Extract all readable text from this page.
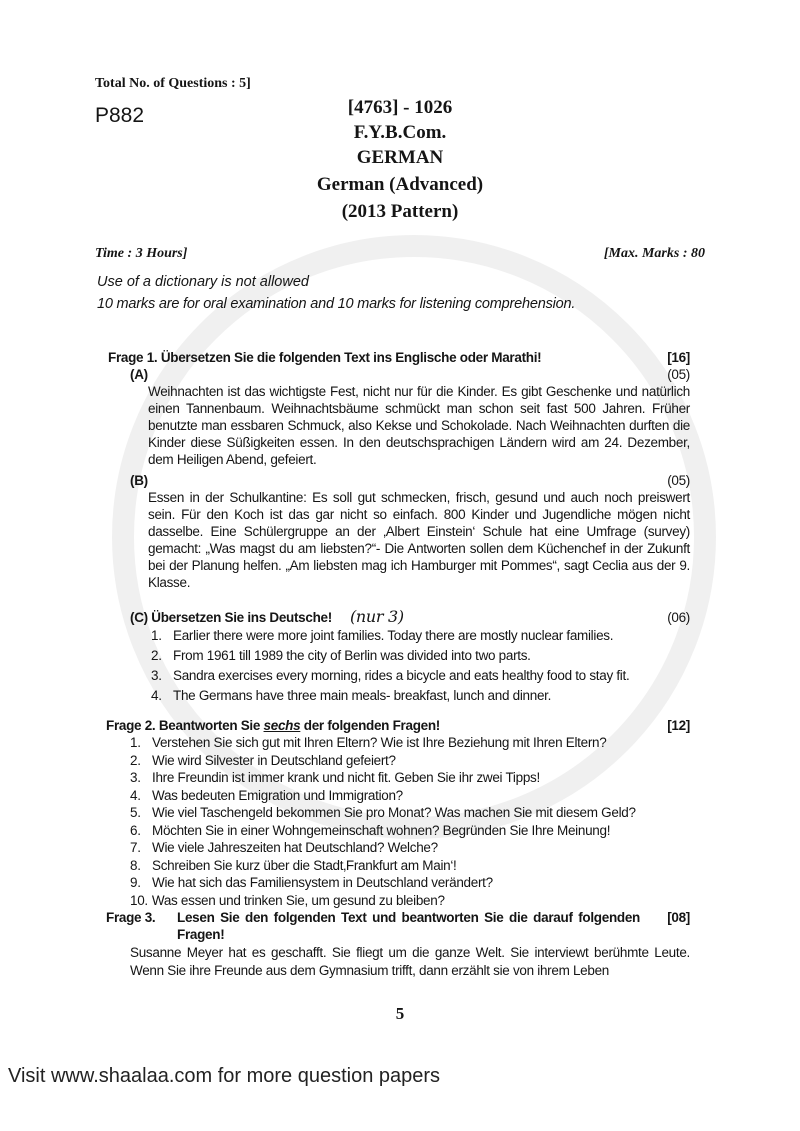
Total No. of Questions : 5]
P882	[4763] - 1026
F.Y.B.Com.
GERMAN
German (Advanced)
(2013 Pattern)
Time : 3 Hours]	[Max. Marks : 80
Use of a dictionary is not allowed
10 marks are for oral examination and 10 marks for listening comprehension.
Frage 1. Übersetzen Sie die folgenden Text ins Englische oder Marathi!	[16]
(A)	(05)
Weihnachten ist das wichtigste Fest, nicht nur für die Kinder. Es gibt Geschenke und natürlich einen Tannenbaum. Weihnachtsbäume schmückt man schon seit fast 500 Jahren. Früher benutzte man essbaren Schmuck, also Kekse und Schokolade. Nach Weihnachten durften die Kinder diese Süßigkeiten essen. In den deutschsprachigen Ländern wird am 24. Dezember, dem Heiligen Abend, gefeiert.
(B)	(05)
Essen in der Schulkantine: Es soll gut schmecken, frisch, gesund und auch noch preiswert sein. Für den Koch ist das gar nicht so einfach. 800 Kinder und Jugendliche mögen nicht dasselbe. Eine Schülergruppe an der ‚Albert Einstein‘ Schule hat eine Umfrage (survey) gemacht: „Was magst du am liebsten?“- Die Antworten sollen dem Küchenchef in der Zukunft bei der Planung helfen. „Am liebsten mag ich Hamburger mit Pommes“, sagt Ceclia aus der 9. Klasse.
(C) Übersetzen Sie ins Deutsche! (nur 3)	(06)
1. Earlier there were more joint families. Today there are mostly nuclear families.
2. From 1961 till 1989 the city of Berlin was divided into two parts.
3. Sandra exercises every morning, rides a bicycle and eats healthy food to stay fit.
4. The Germans have three main meals- breakfast, lunch and dinner.
Frage 2. Beantworten Sie sechs der folgenden Fragen!	[12]
1. Verstehen Sie sich gut mit Ihren Eltern? Wie ist Ihre Beziehung mit Ihren Eltern?
2. Wie wird Silvester in Deutschland gefeiert?
3. Ihre Freundin ist immer krank und nicht fit. Geben Sie ihr zwei Tipps!
4. Was bedeuten Emigration und Immigration?
5. Wie viel Taschengeld bekommen Sie pro Monat? Was machen Sie mit diesem Geld?
6. Möchten Sie in einer Wohngemeinschaft wohnen? Begründen Sie Ihre Meinung!
7. Wie viele Jahreszeiten hat Deutschland? Welche?
8. Schreiben Sie kurz über die Stadt‚Frankfurt am Main‘!
9. Wie hat sich das Familiensystem in Deutschland verändert?
10. Was essen und trinken Sie, um gesund zu bleiben?
Frage 3.	Lesen Sie den folgenden Text und beantworten Sie die darauf folgenden Fragen!
[08]
Susanne Meyer hat es geschafft. Sie fliegt um die ganze Welt. Sie interviewt berühmte Leute. Wenn Sie ihre Freunde aus dem Gymnasium trifft, dann erzählt sie von ihrem Leben
5
Visit www.shaalaa.com for more question papers
